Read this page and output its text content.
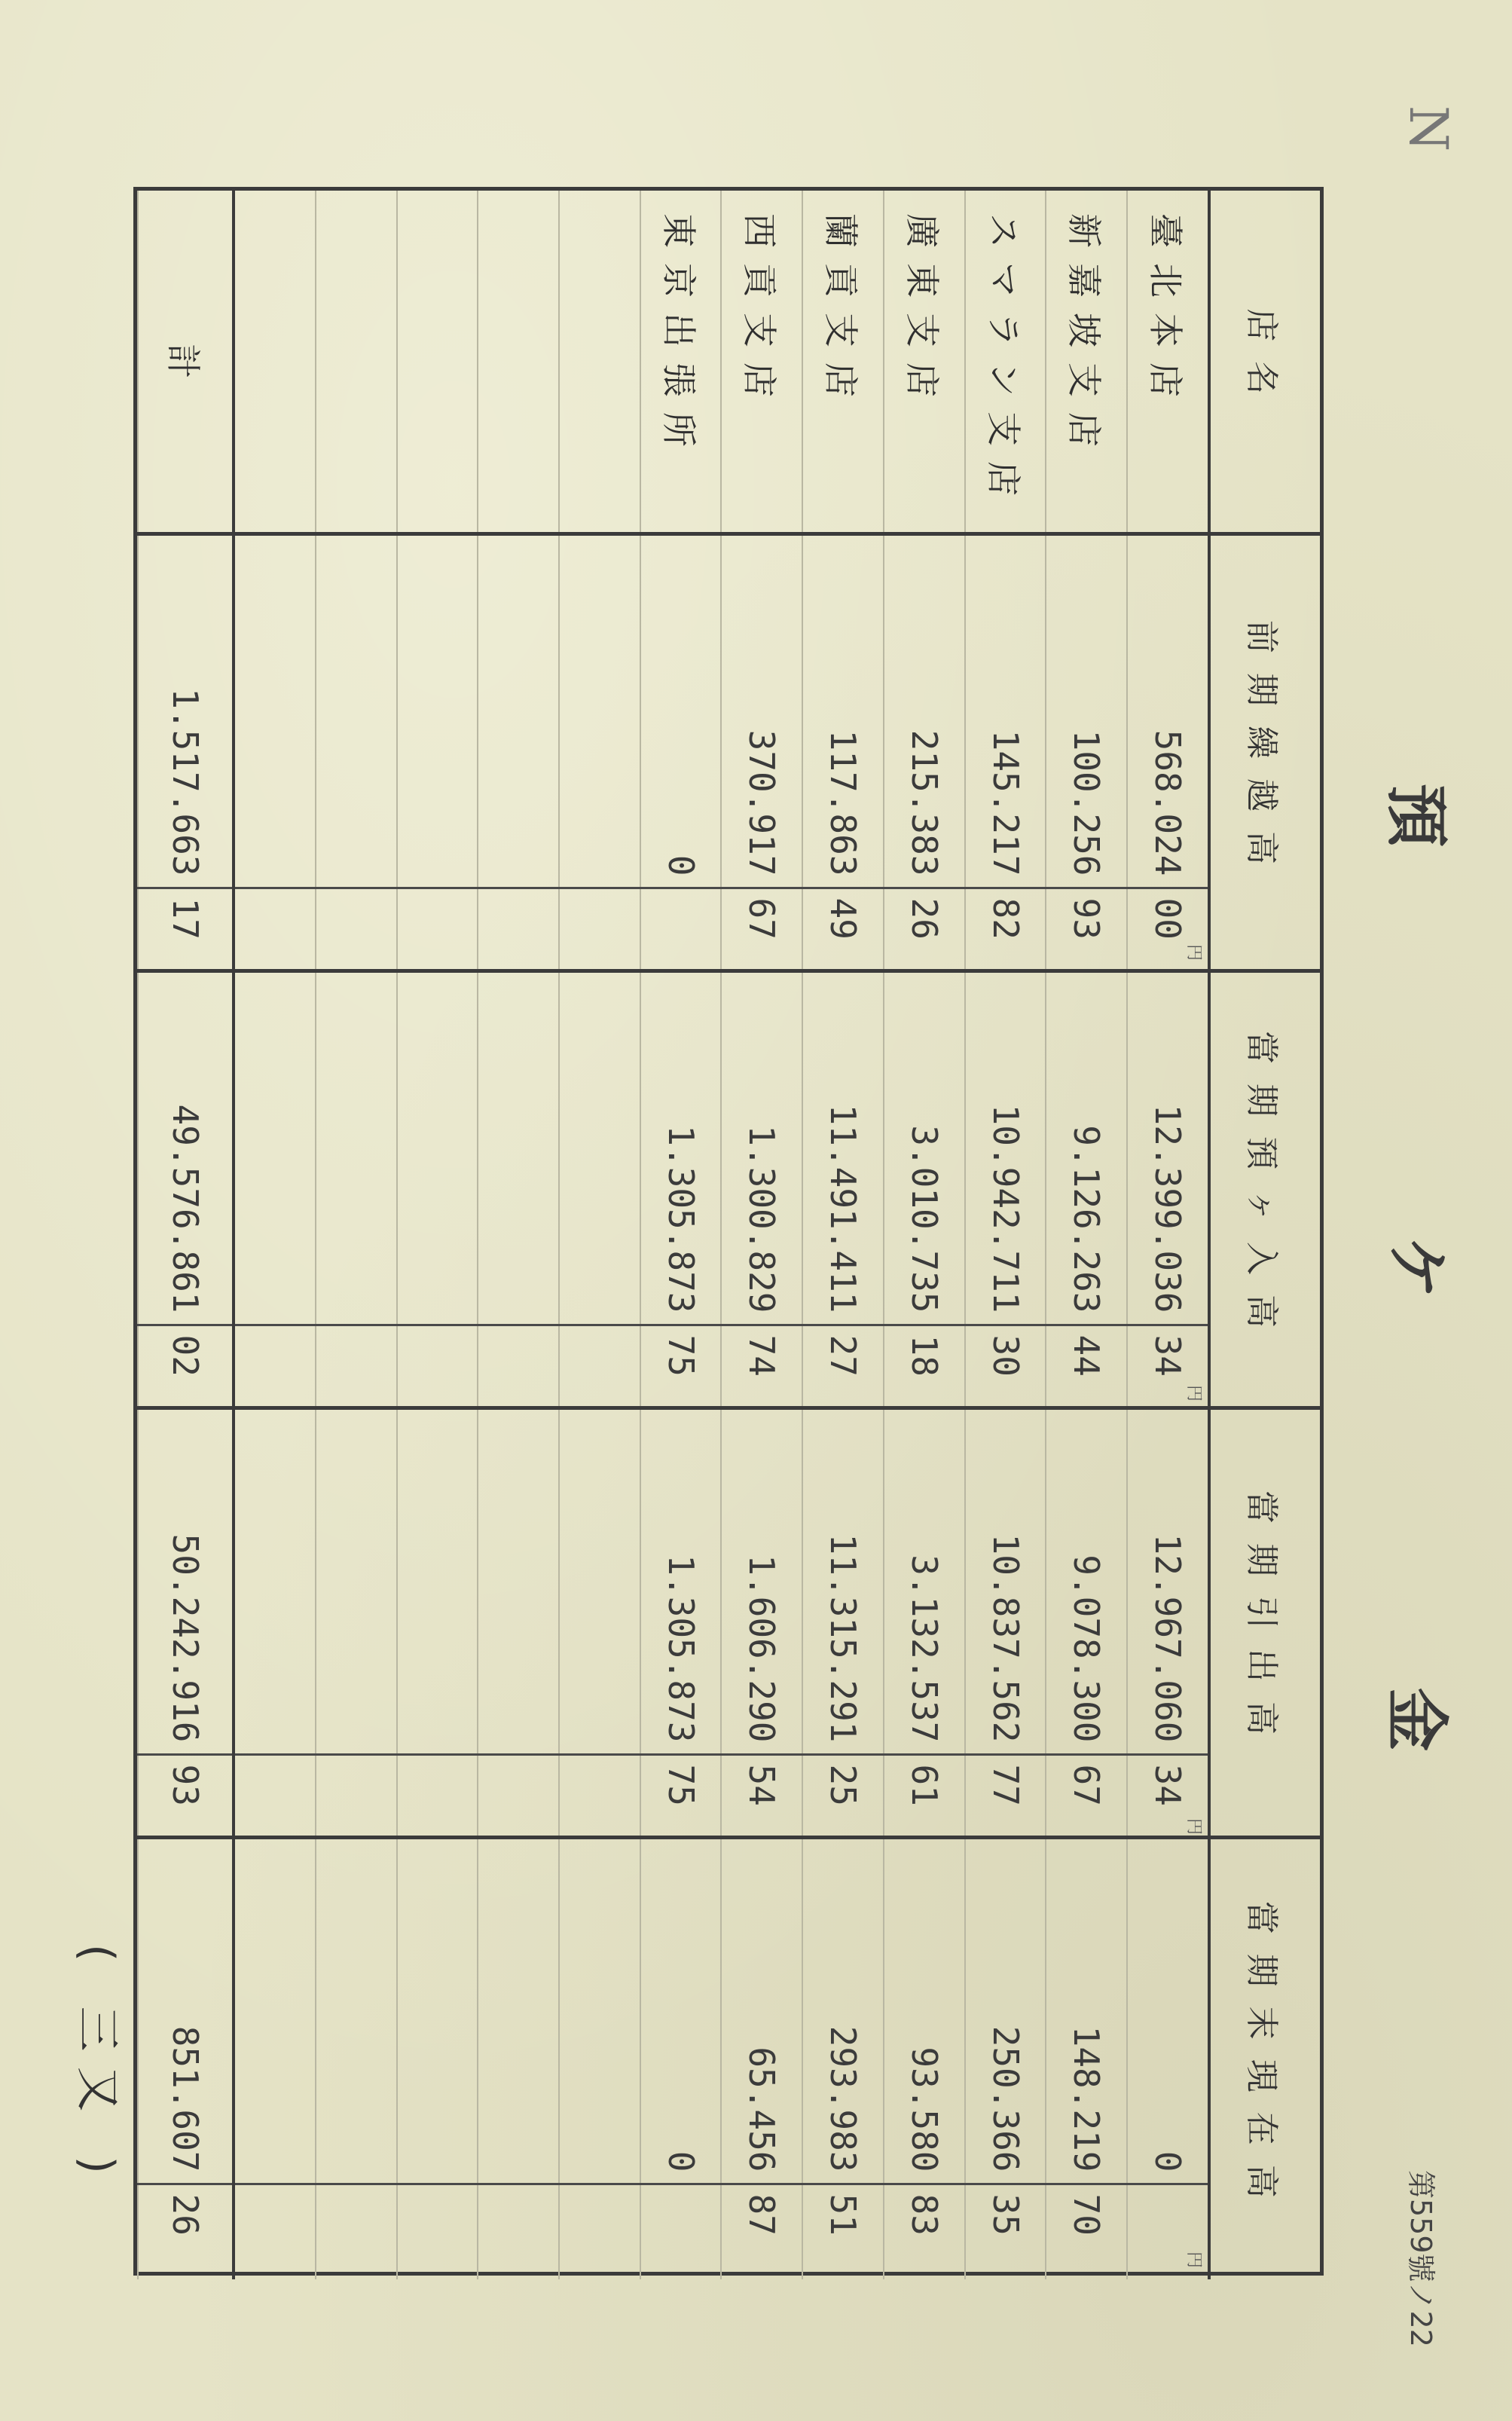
預
ケ
金
第559號ノ22
N
店名	前期繰越高		當期預ヶ入高		當期引出高		當期末現在高	
臺北本店	568.024	00	12.399.036	34	12.967.060	34	0	
新嘉坡支店	100.256	93	9.126.263	44	9.078.300	67	148.219	70
スマラン支店	145.217	82	10.942.711	30	10.837.562	77	250.366	35
廣東支店	215.383	26	3.010.735	18	3.132.537	61	93.580	83
蘭貢支店	117.863	49	11.491.411	27	11.315.291	25	293.983	51
西貢支店	370.917	67	1.300.829	74	1.606.290	54	65.456	87
東京出張所	0		1.305.873	75	1.305.873	75	0	

計	1.517.663	17	49.576.861	02	50.242.916	93	851.607	26
円
円
円
円
( 三又 )
